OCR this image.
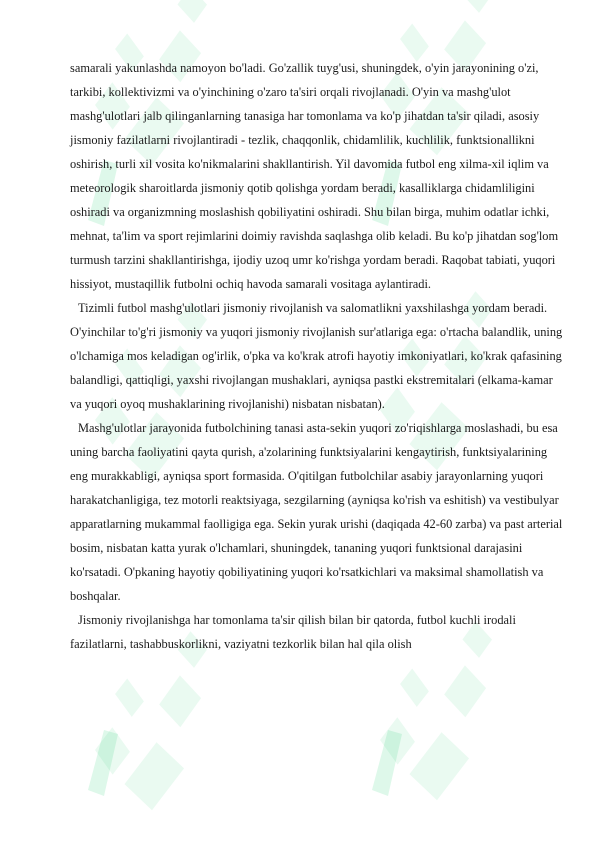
samarali yakunlashda namoyon bo'ladi. Go'zallik tuyg'usi, shuningdek, o'yin jarayonining o'zi, tarkibi, kollektivizmi va o'yinchining o'zaro ta'siri orqali rivojlanadi. O'yin va mashg'ulot mashg'ulotlari jalb qilinganlarning tanasiga har tomonlama va ko'p jihatdan ta'sir qiladi, asosiy jismoniy fazilatlarni rivojlantiradi - tezlik, chaqqonlik, chidamlilik, kuchlilik, funktsionallikni oshirish, turli xil vosita ko'nikmalarini shakllantirish. Yil davomida futbol eng xilma-xil iqlim va meteorologik sharoitlarda jismoniy qotib qolishga yordam beradi, kasalliklarga chidamliligini oshiradi va organizmning moslashish qobiliyatini oshiradi. Shu bilan birga, muhim odatlar ichki, mehnat, ta'lim va sport rejimlarini doimiy ravishda saqlashga olib keladi. Bu ko'p jihatdan sog'lom turmush tarzini shakllantirishga, ijodiy uzoq umr ko'rishga yordam beradi. Raqobat tabiati, yuqori hissiyot, mustaqillik futbolni ochiq havoda samarali vositaga aylantiradi.

Tizimli futbol mashg'ulotlari jismoniy rivojlanish va salomatlikni yaxshilashga yordam beradi. O'yinchilar to'g'ri jismoniy va yuqori jismoniy rivojlanish sur'atlariga ega: o'rtacha balandlik, uning o'lchamiga mos keladigan og'irlik, o'pka va ko'krak atrofi hayotiy imkoniyatlari, ko'krak qafasining balandligi, qattiqligi, yaxshi rivojlangan mushaklari, ayniqsa pastki ekstremitalari (elkama-kamar va yuqori oyoq mushaklarining rivojlanishi) nisbatan nisbatan).

Mashg'ulotlar jarayonida futbolchining tanasi asta-sekin yuqori zo'riqishlarga moslashadi, bu esa uning barcha faoliyatini qayta qurish, a'zolarining funktsiyalarini kengaytirish, funktsiyalarining eng murakkabligi, ayniqsa sport formasida. O'qitilgan futbolchilar asabiy jarayonlarning yuqori harakatchanligiga, tez motorli reaktsiyaga, sezgilarning (ayniqsa ko'rish va eshitish) va vestibulyar apparatlarning mukammal faolligiga ega. Sekin yurak urishi (daqiqada 42-60 zarba) va past arterial bosim, nisbatan katta yurak o'lchamlari, shuningdek, tananing yuqori funktsional darajasini ko'rsatadi. O'pkaning hayotiy qobiliyatining yuqori ko'rsatkichlari va maksimal shamollatish va boshqalar.

Jismoniy rivojlanishga har tomonlama ta'sir qilish bilan bir qatorda, futbol kuchli irodali fazilatlarni, tashabbuskorlikni, vaziyatni tezkorlik bilan hal qila olish
